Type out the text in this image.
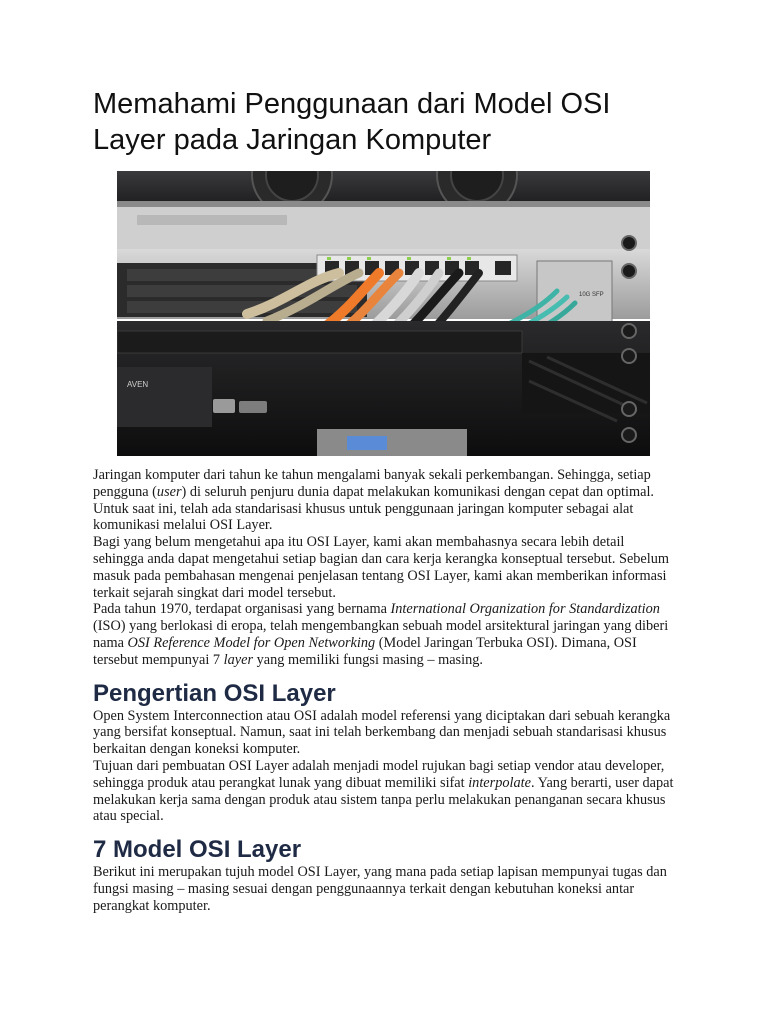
Memahami Penggunaan dari Model OSI Layer pada Jaringan Komputer
10G SFP
AVEN

Jaringan komputer dari tahun ke tahun mengalami banyak sekali perkembangan. Sehingga, setiap pengguna (user) di seluruh penjuru dunia dapat melakukan komunikasi dengan cepat dan optimal. Untuk saat ini, telah ada standarisasi khusus untuk penggunaan jaringan komputer sebagai alat komunikasi melalui OSI Layer.

Bagi yang belum mengetahui apa itu OSI Layer, kami akan membahasnya secara lebih detail sehingga anda dapat mengetahui setiap bagian dan cara kerja kerangka konseptual tersebut. Sebelum masuk pada pembahasan mengenai penjelasan tentang OSI Layer, kami akan memberikan informasi terkait sejarah singkat dari model tersebut.

Pada tahun 1970, terdapat organisasi yang bernama International Organization for Standardization (ISO) yang berlokasi di eropa, telah mengembangkan sebuah model arsitektural jaringan yang diberi nama OSI Reference Model for Open Networking (Model Jaringan Terbuka OSI). Dimana, OSI tersebut mempunyai 7 layer yang memiliki fungsi masing – masing.

Pengertian OSI Layer

Open System Interconnection atau OSI adalah model referensi yang diciptakan dari sebuah kerangka yang bersifat konseptual. Namun, saat ini telah berkembang dan menjadi sebuah standarisasi khusus berkaitan dengan koneksi komputer.

Tujuan dari pembuatan OSI Layer adalah menjadi model rujukan bagi setiap vendor atau developer, sehingga produk atau perangkat lunak yang dibuat memiliki sifat interpolate. Yang berarti, user dapat melakukan kerja sama dengan produk atau sistem tanpa perlu melakukan penanganan secara khusus atau special.

7 Model OSI Layer

Berikut ini merupakan tujuh model OSI Layer, yang mana pada setiap lapisan mempunyai tugas dan fungsi masing – masing sesuai dengan penggunaannya terkait dengan kebutuhan koneksi antar perangkat komputer.
